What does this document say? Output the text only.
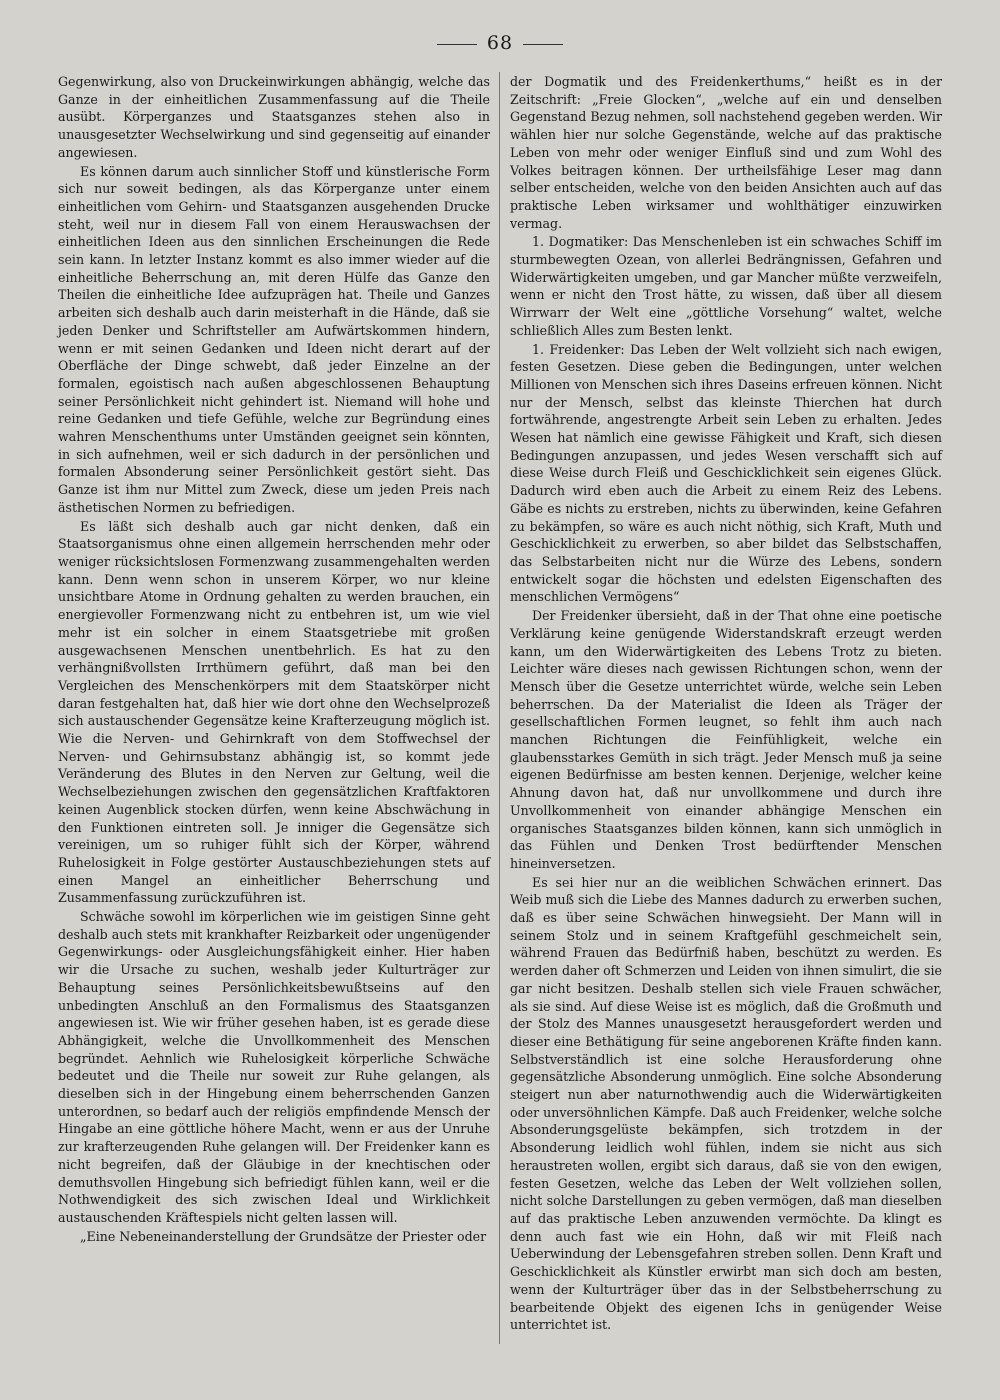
68

Gegenwirkung, also von Druckeinwirkungen abhängig, welche das Ganze in der einheitlichen Zusammenfassung auf die Theile ausübt. Körperganzes und Staatsganzes stehen also in unausgesetzter Wechselwirkung und sind gegenseitig auf einander angewiesen.

Es können darum auch sinnlicher Stoff und künstlerische Form sich nur soweit bedingen, als das Körperganze unter einem einheitlichen vom Gehirn- und Staatsganzen ausgehenden Drucke steht, weil nur in diesem Fall von einem Herauswachsen der einheitlichen Ideen aus den sinnlichen Erscheinungen die Rede sein kann. In letzter Instanz kommt es also immer wieder auf die einheitliche Beherrschung an, mit deren Hülfe das Ganze den Theilen die einheitliche Idee aufzuprägen hat. Theile und Ganzes arbeiten sich deshalb auch darin meisterhaft in die Hände, daß sie jeden Denker und Schriftsteller am Aufwärtskommen hindern, wenn er mit seinen Gedanken und Ideen nicht derart auf der Oberfläche der Dinge schwebt, daß jeder Einzelne an der formalen, egoistisch nach außen abgeschlossenen Behauptung seiner Persönlichkeit nicht gehindert ist. Niemand will hohe und reine Gedanken und tiefe Gefühle, welche zur Begründung eines wahren Menschenthums unter Umständen geeignet sein könnten, in sich aufnehmen, weil er sich dadurch in der persönlichen und formalen Absonderung seiner Persönlichkeit gestört sieht. Das Ganze ist ihm nur Mittel zum Zweck, diese um jeden Preis nach ästhetischen Normen zu befriedigen.

Es läßt sich deshalb auch gar nicht denken, daß ein Staatsorganismus ohne einen allgemein herrschenden mehr oder weniger rücksichtslosen Formenzwang zusammengehalten werden kann. Denn wenn schon in unserem Körper, wo nur kleine unsichtbare Atome in Ordnung gehalten zu werden brauchen, ein energievoller Formenzwang nicht zu entbehren ist, um wie viel mehr ist ein solcher in einem Staatsgetriebe mit großen ausgewachsenen Menschen unentbehrlich. Es hat zu den verhängnißvollsten Irrthümern geführt, daß man bei den Vergleichen des Menschenkörpers mit dem Staatskörper nicht daran festgehalten hat, daß hier wie dort ohne den Wechselprozeß sich austauschender Gegensätze keine Krafterzeugung möglich ist. Wie die Nerven- und Gehirnkraft von dem Stoffwechsel der Nerven- und Gehirnsubstanz abhängig ist, so kommt jede Veränderung des Blutes in den Nerven zur Geltung, weil die Wechselbeziehungen zwischen den gegensätzlichen Kraftfaktoren keinen Augenblick stocken dürfen, wenn keine Abschwächung in den Funktionen eintreten soll. Je inniger die Gegensätze sich vereinigen, um so ruhiger fühlt sich der Körper, während Ruhelosigkeit in Folge gestörter Austauschbeziehungen stets auf einen Mangel an einheitlicher Beherrschung und Zusammenfassung zurückzuführen ist.

Schwäche sowohl im körperlichen wie im geistigen Sinne geht deshalb auch stets mit krankhafter Reizbarkeit oder ungenügender Gegenwirkungs- oder Ausgleichungsfähigkeit einher. Hier haben wir die Ursache zu suchen, weshalb jeder Kulturträger zur Behauptung seines Persönlichkeitsbewußtseins auf den unbedingten Anschluß an den Formalismus des Staatsganzen angewiesen ist. Wie wir früher gesehen haben, ist es gerade diese Abhängigkeit, welche die Unvollkommenheit des Menschen begründet. Aehnlich wie Ruhelosigkeit körperliche Schwäche bedeutet und die Theile nur soweit zur Ruhe gelangen, als dieselben sich in der Hingebung einem beherrschenden Ganzen unterordnen, so bedarf auch der religiös empfindende Mensch der Hingabe an eine göttliche höhere Macht, wenn er aus der Unruhe zur krafterzeugenden Ruhe gelangen will. Der Freidenker kann es nicht begreifen, daß der Gläubige in der knechtischen oder demuthsvollen Hingebung sich befriedigt fühlen kann, weil er die Nothwendigkeit des sich zwischen Ideal und Wirklichkeit austauschenden Kräftespiels nicht gelten lassen will.

„Eine Nebeneinanderstellung der Grundsätze der Priester oder

der Dogmatik und des Freidenkerthums,“ heißt es in der Zeitschrift: „Freie Glocken“, „welche auf ein und denselben Gegenstand Bezug nehmen, soll nachstehend gegeben werden. Wir wählen hier nur solche Gegenstände, welche auf das praktische Leben von mehr oder weniger Einfluß sind und zum Wohl des Volkes beitragen können. Der urtheilsfähige Leser mag dann selber entscheiden, welche von den beiden Ansichten auch auf das praktische Leben wirksamer und wohlthätiger einzuwirken vermag.

1. Dogmatiker: Das Menschenleben ist ein schwaches Schiff im sturmbewegten Ozean, von allerlei Bedrängnissen, Gefahren und Widerwärtigkeiten umgeben, und gar Mancher müßte verzweifeln, wenn er nicht den Trost hätte, zu wissen, daß über all diesem Wirrwarr der Welt eine „göttliche Vorsehung“ waltet, welche schließlich Alles zum Besten lenkt.

1. Freidenker: Das Leben der Welt vollzieht sich nach ewigen, festen Gesetzen. Diese geben die Bedingungen, unter welchen Millionen von Menschen sich ihres Daseins erfreuen können. Nicht nur der Mensch, selbst das kleinste Thierchen hat durch fortwährende, angestrengte Arbeit sein Leben zu erhalten. Jedes Wesen hat nämlich eine gewisse Fähigkeit und Kraft, sich diesen Bedingungen anzupassen, und jedes Wesen verschafft sich auf diese Weise durch Fleiß und Geschicklichkeit sein eigenes Glück. Dadurch wird eben auch die Arbeit zu einem Reiz des Lebens. Gäbe es nichts zu erstreben, nichts zu überwinden, keine Gefahren zu bekämpfen, so wäre es auch nicht nöthig, sich Kraft, Muth und Geschicklichkeit zu erwerben, so aber bildet das Selbstschaffen, das Selbstarbeiten nicht nur die Würze des Lebens, sondern entwickelt sogar die höchsten und edelsten Eigenschaften des menschlichen Vermögens“

Der Freidenker übersieht, daß in der That ohne eine poetische Verklärung keine genügende Widerstandskraft erzeugt werden kann, um den Widerwärtigkeiten des Lebens Trotz zu bieten. Leichter wäre dieses nach gewissen Richtungen schon, wenn der Mensch über die Gesetze unterrichtet würde, welche sein Leben beherrschen. Da der Materialist die Ideen als Träger der gesellschaftlichen Formen leugnet, so fehlt ihm auch nach manchen Richtungen die Feinfühligkeit, welche ein glaubensstarkes Gemüth in sich trägt. Jeder Mensch muß ja seine eigenen Bedürfnisse am besten kennen. Derjenige, welcher keine Ahnung davon hat, daß nur unvollkommene und durch ihre Unvollkommenheit von einander abhängige Menschen ein organisches Staatsganzes bilden können, kann sich unmöglich in das Fühlen und Denken Trost bedürftender Menschen hineinversetzen.

Es sei hier nur an die weiblichen Schwächen erinnert. Das Weib muß sich die Liebe des Mannes dadurch zu erwerben suchen, daß es über seine Schwächen hinwegsieht. Der Mann will in seinem Stolz und in seinem Kraftgefühl geschmeichelt sein, während Frauen das Bedürfniß haben, beschützt zu werden. Es werden daher oft Schmerzen und Leiden von ihnen simulirt, die sie gar nicht besitzen. Deshalb stellen sich viele Frauen schwächer, als sie sind. Auf diese Weise ist es möglich, daß die Großmuth und der Stolz des Mannes unausgesetzt herausgefordert werden und dieser eine Bethätigung für seine angeborenen Kräfte finden kann. Selbstverständlich ist eine solche Herausforderung ohne gegensätzliche Absonderung unmöglich. Eine solche Absonderung steigert nun aber naturnothwendig auch die Widerwärtigkeiten oder unversöhnlichen Kämpfe. Daß auch Freidenker, welche solche Absonderungsgelüste bekämpfen, sich trotzdem in der Absonderung leidlich wohl fühlen, indem sie nicht aus sich heraustreten wollen, ergibt sich daraus, daß sie von den ewigen, festen Gesetzen, welche das Leben der Welt vollziehen sollen, nicht solche Darstellungen zu geben vermögen, daß man dieselben auf das praktische Leben anzuwenden vermöchte. Da klingt es denn auch fast wie ein Hohn, daß wir mit Fleiß nach Ueberwindung der Lebensgefahren streben sollen. Denn Kraft und Geschicklichkeit als Künstler erwirbt man sich doch am besten, wenn der Kulturträger über das in der Selbstbeherrschung zu bearbeitende Objekt des eigenen Ichs in genügender Weise unterrichtet ist.
